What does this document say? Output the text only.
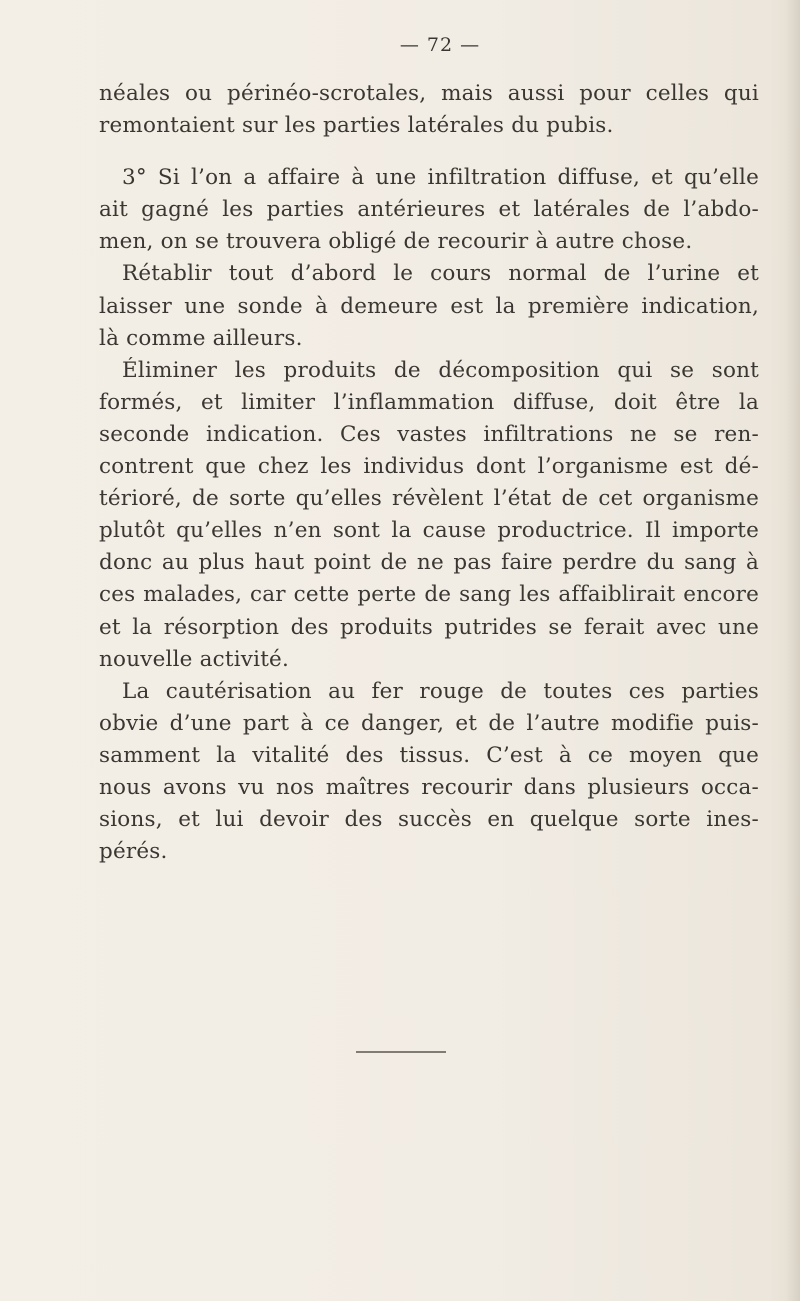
— 72 —
néales ou périnéo-scrotales, mais aussi pour celles qui
remontaient sur les parties latérales du pubis.
3° Si l’on a affaire à une infiltration diffuse, et qu’elle
ait gagné les parties antérieures et latérales de l’abdo-
men, on se trouvera obligé de recourir à autre chose.
Rétablir tout d’abord le cours normal de l’urine et
laisser une sonde à demeure est la première indication,
là comme ailleurs.
Éliminer les produits de décomposition qui se sont
formés, et limiter l’inflammation diffuse, doit être la
seconde indication. Ces vastes infiltrations ne se ren-
contrent que chez les individus dont l’organisme est dé-
térioré, de sorte qu’elles révèlent l’état de cet organisme
plutôt qu’elles n’en sont la cause productrice. Il importe
donc au plus haut point de ne pas faire perdre du sang à
ces malades, car cette perte de sang les affaiblirait encore
et la résorption des produits putrides se ferait avec une
nouvelle activité.
La cautérisation au fer rouge de toutes ces parties
obvie d’une part à ce danger, et de l’autre modifie puis-
samment la vitalité des tissus. C’est à ce moyen que
nous avons vu nos maîtres recourir dans plusieurs occa-
sions, et lui devoir des succès en quelque sorte ines-
pérés.
